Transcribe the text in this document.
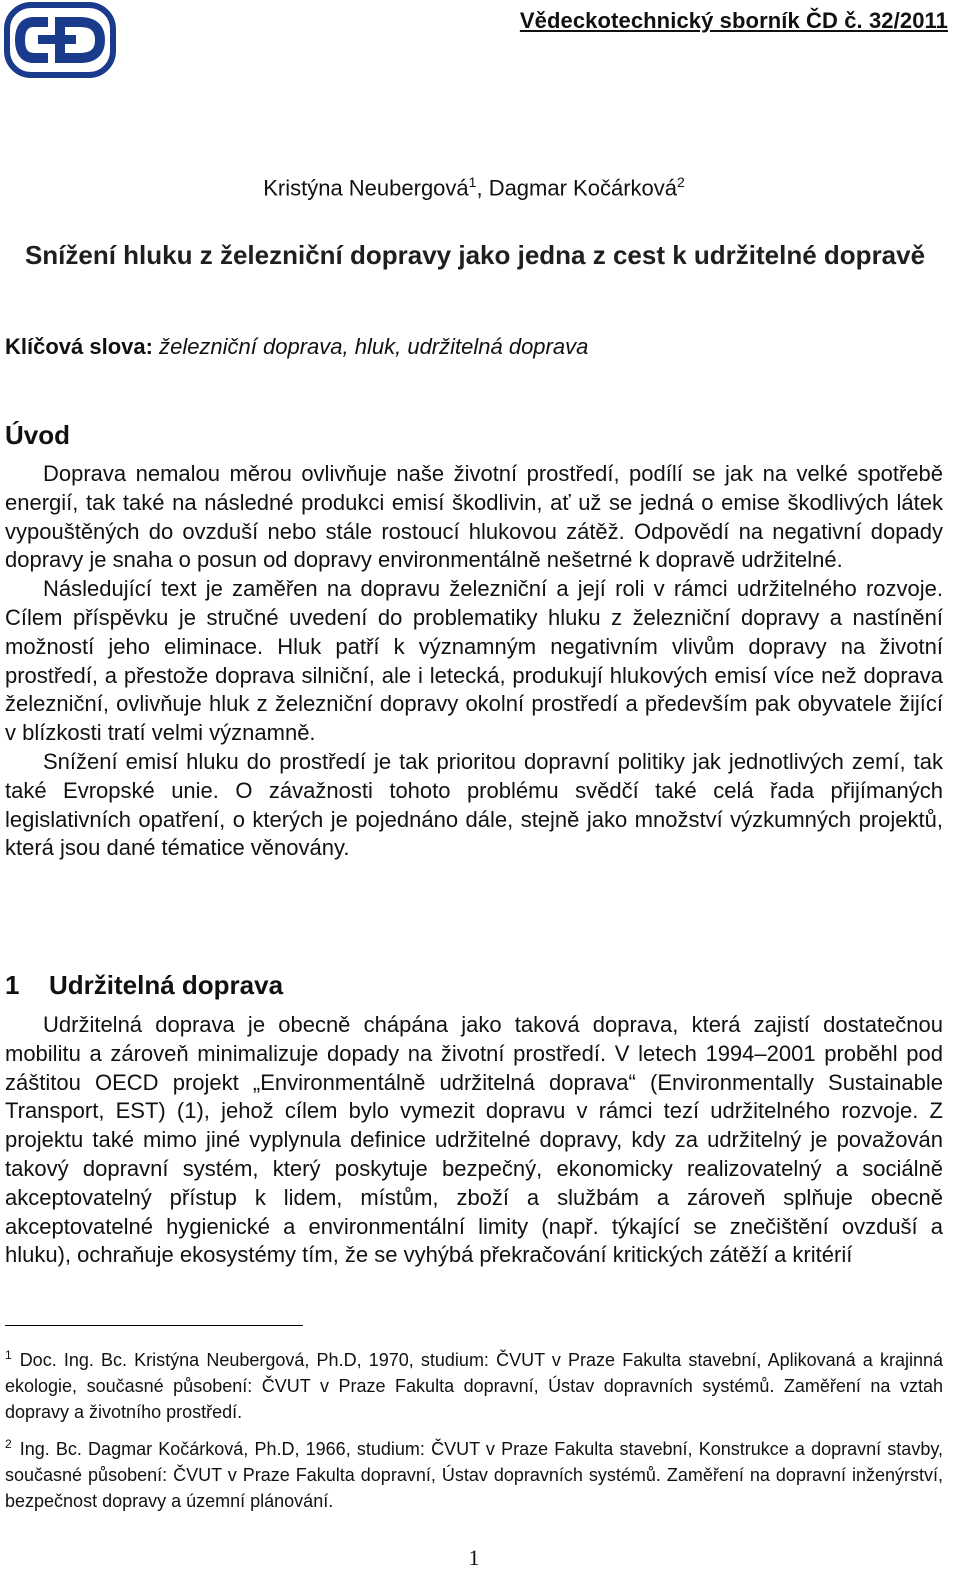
Vědeckotechnický sborník ČD č. 32/2011
Kristýna Neubergová$^1$, Dagmar Kočárková$^2$
Snížení hluku z železniční dopravy jako jedna z cest k udržitelné dopravě
Klíčová slova: železniční doprava, hluk, udržitelná doprava
Úvod

Doprava nemalou měrou ovlivňuje naše životní prostředí, podílí se jak na velké spotřebě energií, tak také na následné produkci emisí škodlivin, ať už se jedná o emise škodlivých látek vypouštěných do ovzduší nebo stále rostoucí hlukovou zátěž. Odpovědí na negativní dopady dopravy je snaha o posun od dopravy environmentálně nešetrné k dopravě udržitelné.

Následující text je zaměřen na dopravu železniční a její roli v rámci udržitelného rozvoje. Cílem příspěvku je stručné uvedení do problematiky hluku z železniční dopravy a nastínění možností jeho eliminace. Hluk patří k významným negativním vlivům dopravy na životní prostředí, a přestože doprava silniční, ale i letecká, produkují hlukových emisí více než doprava železniční, ovlivňuje hluk z železniční dopravy okolní prostředí a především pak obyvatele žijící v blízkosti tratí velmi významně.

Snížení emisí hluku do prostředí je tak prioritou dopravní politiky jak jednotlivých zemí, tak také Evropské unie. O závažnosti tohoto problému svědčí také celá řada přijímaných legislativních opatření, o kterých je pojednáno dále, stejně jako množství výzkumných projektů, která jsou dané tématice věnovány.

1 Udržitelná doprava

Udržitelná doprava je obecně chápána jako taková doprava, která zajistí dostatečnou mobilitu a zároveň minimalizuje dopady na životní prostředí. V letech 1994–2001 proběhl pod záštitou OECD projekt „Environmentálně udržitelná doprava“ (Environmentally Sustainable Transport, EST) (1), jehož cílem bylo vymezit dopravu v rámci tezí udržitelného rozvoje. Z projektu také mimo jiné vyplynula definice udržitelné dopravy, kdy za udržitelný je považován takový dopravní systém, který poskytuje bezpečný, ekonomicky realizovatelný a sociálně akceptovatelný přístup k lidem, místům, zboží a službám a zároveň splňuje obecně akceptovatelné hygienické a environmentální limity (např. týkající se znečištění ovzduší a hluku), ochraňuje ekosystémy tím, že se vyhýbá překračování kritických zátěží a kritérií

$^1$ Doc. Ing. Bc. Kristýna Neubergová, Ph.D, 1970, studium: ČVUT v Praze Fakulta stavební, Aplikovaná a krajinná ekologie, současné působení: ČVUT v Praze Fakulta dopravní, Ústav dopravních systémů. Zaměření na vztah dopravy a životního prostředí.

$^2$ Ing. Bc. Dagmar Kočárková, Ph.D, 1966, studium: ČVUT v Praze Fakulta stavební, Konstrukce a dopravní stavby, současné působení: ČVUT v Praze Fakulta dopravní, Ústav dopravních systémů. Zaměření na dopravní inženýrství, bezpečnost dopravy a územní plánování.

1
